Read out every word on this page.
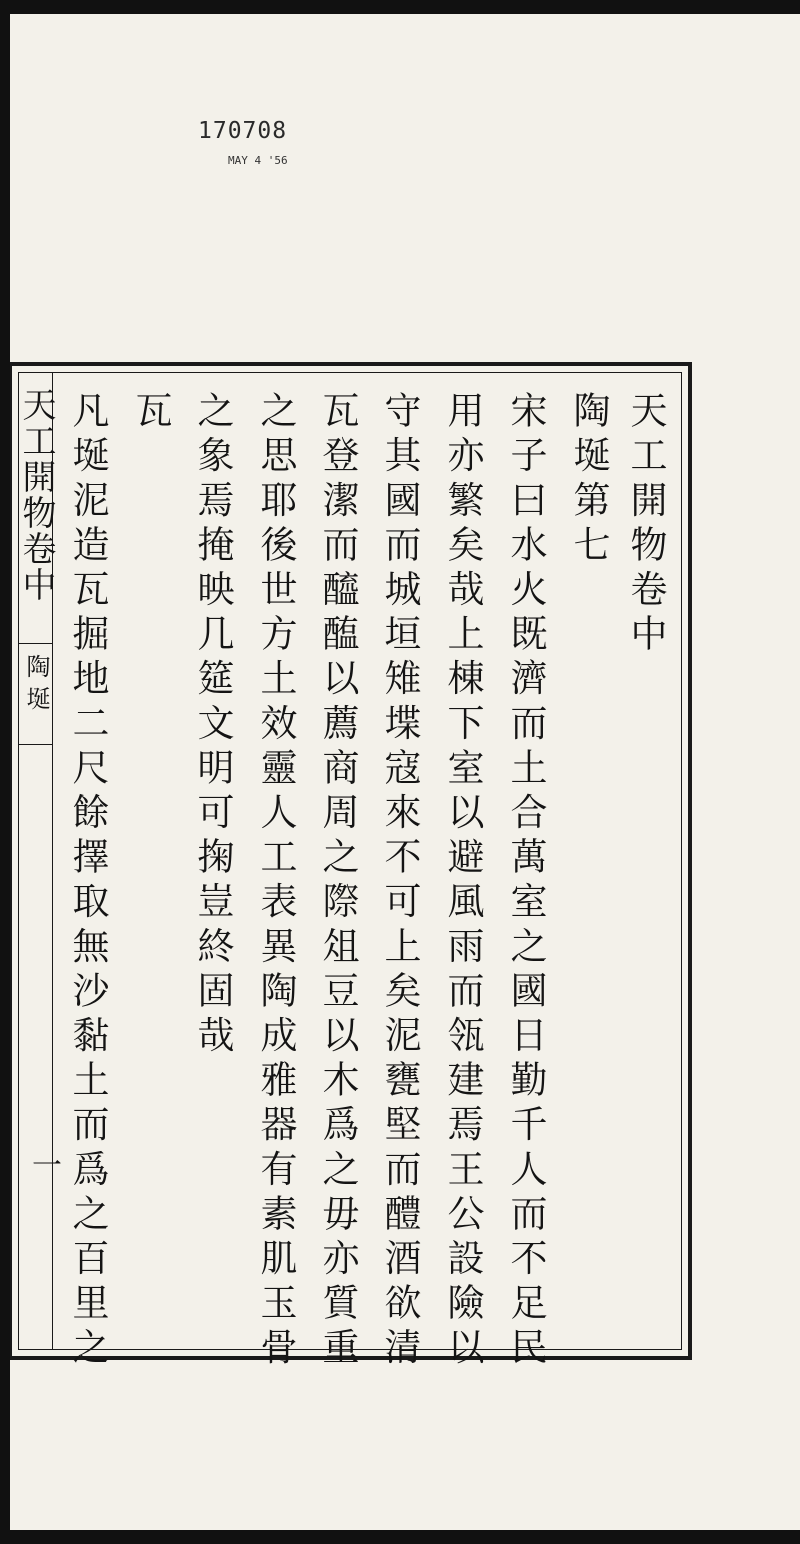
170708
MAY 4 '56

天工開物卷中
陶埏
一
天工開物卷中
陶埏第七
宋子曰水火既濟而土合萬室之國日勤千人而不足民
用亦繁矣哉上棟下室以避風雨而瓴建焉王公設險以
守其國而城垣雉堞寇來不可上矣泥甕堅而醴酒欲清
瓦登潔而醯醢以薦商周之際俎豆以木爲之毋亦質重
之思耶後世方土效靈人工表異陶成雅器有素肌玉骨
之象焉掩映几筵文明可掬豈終固哉
瓦
凡埏泥造瓦掘地二尺餘擇取無沙黏土而爲之百里之
